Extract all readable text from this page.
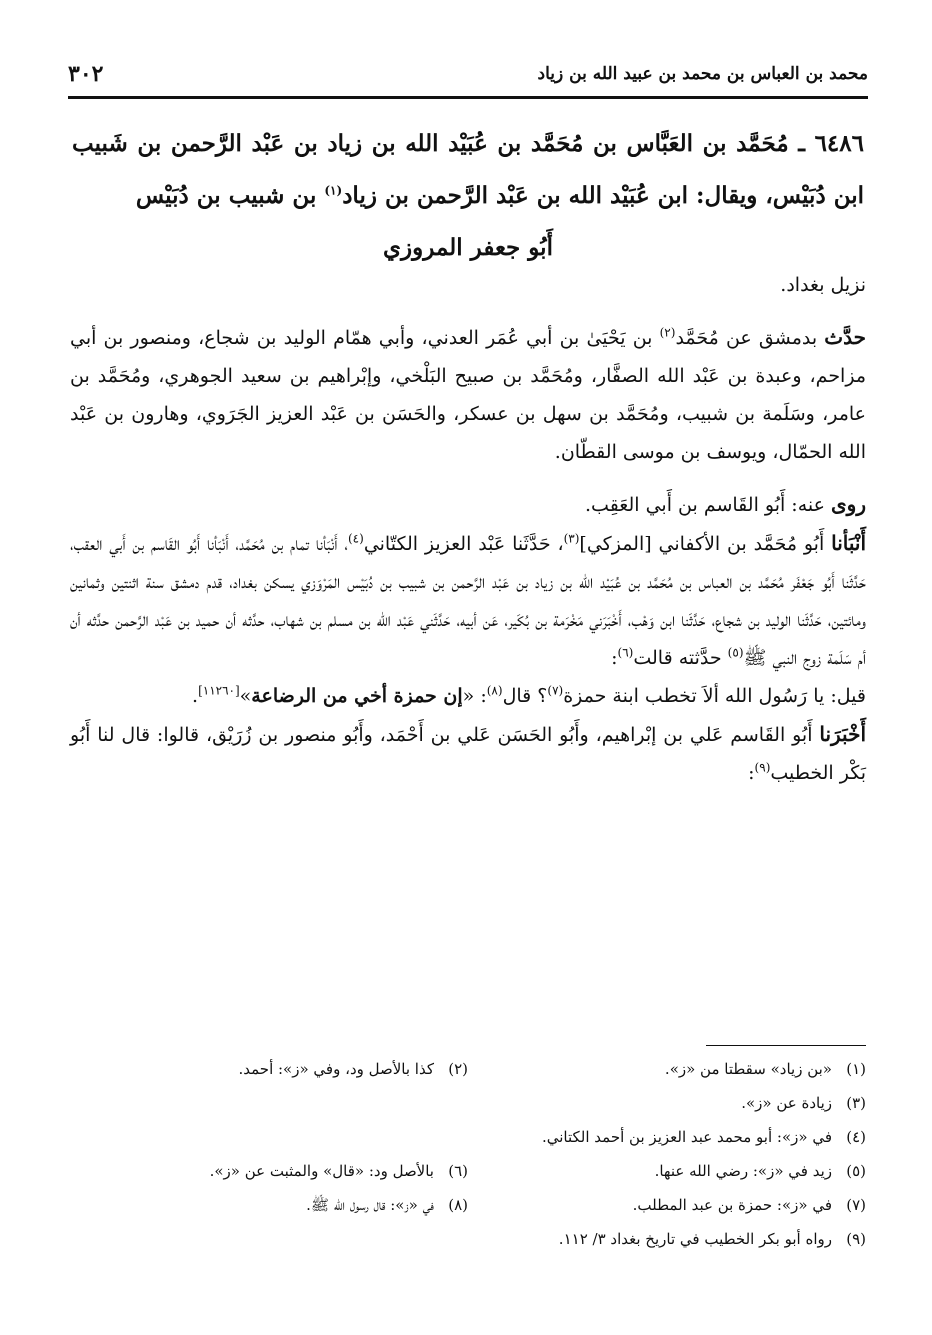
٣٠٢	محمد بن العباس بن محمد بن عبيد الله بن زياد
٦٤٨٦ ـ مُحَمَّد بن العَبَّاس بن مُحَمَّد بن عُبَيْد الله بن زياد بن عَبْد الرَّحمن بن شَبيب ابن دُبَيْس، ويقال: ابن عُبَيْد الله بن عَبْد الرَّحمن بن زياد$^{(١)}$ بن شبيب بن دُبَيْس
أَبُو جعفر المروزي

نزيل بغداد.

حدَّث بدمشق عن مُحَمَّد$^{(٢)}$ بن يَحْيَىٰ بن أبي عُمَر العدني، وأبي همّام الوليد بن شجاع، ومنصور بن أبي مزاحم، وعبدة بن عَبْد الله الصفَّار، ومُحَمَّد بن صبيح البَلْخي، وإبْراهيم بن سعيد الجوهري، ومُحَمَّد بن عامر، وسَلَمة بن شبيب، ومُحَمَّد بن سهل بن عسكر، والحَسَن بن عَبْد العزيز الجَرَوي، وهارون بن عَبْد الله الحمّال، ويوسف بن موسى القطّان.

روى عنه: أَبُو القَاسم بن أَبي العَقِب.

أَنْبَأنا أَبُو مُحَمَّد بن الأكفاني [المزكي]$^{(٣)}$، حَدَّثَنا عَبْد العزيز الكتّاني$^{(٤)}$، أَنْبَأنا تمام بن مُحَمَّد، أَنْبَأنا أَبُو القَاسم بن أَبي العقب، حَدَّثَنا أَبُو جَعْفَر مُحَمَّد بن العباس بن مُحَمَّد بن عُبَيْد الله بن زياد بن عَبْد الرَّحمن بن شبيب بن دُبَيْس المَرْوَزي يسكن بغداد، قدم دمشق سنة اثنتين وثمانين ومائتين، حَدَّثَنا الوليد بن شجاع، حَدَّثَنا ابن وَهْب، أَخْبَرَني مَخْرَمة بن بُكَير، عَن أبيه، حَدَّثَني عَبْد الله بن مسلم بن شهاب، حدَّثه أن حميد بن عَبْد الرَّحمن حدَّثه أن أم سَلَمة زوج النبي ﷺ$^{(٥)}$ حدَّثته قالت$^{(٦)}$:

قيل: يا رَسُول الله ألاَ تخطب ابنة حمزة$^{(٧)}$؟ قال$^{(٨)}$: «إن حمزة أخي من الرضاعة»[١١٢٦٠].

أَخْبَرَنا أَبُو القَاسم عَلي بن إبْراهيم، وأَبُو الحَسَن عَلي بن أَحْمَد، وأَبُو منصور بن زُرَيْق، قالوا: قال لنا أَبُو بَكْر الخطيب$^{(٩)}$:

(١)«بن زياد» سقطتا من «ز».
(٢)كذا بالأصل ود، وفي «ز»: أحمد.
(٣)زيادة عن «ز».
(٤)في «ز»: أبو محمد عبد العزيز بن أحمد الكتاني.
(٥)زيد في «ز»: رضي الله عنها.
(٦)بالأصل ود: «قال» والمثبت عن «ز».
(٧)في «ز»: حمزة بن عبد المطلب.
(٨)في «ز»: قال رسول الله ﷺ.
(٩)رواه أبو بكر الخطيب في تاريخ بغداد ٣/ ١١٢.
